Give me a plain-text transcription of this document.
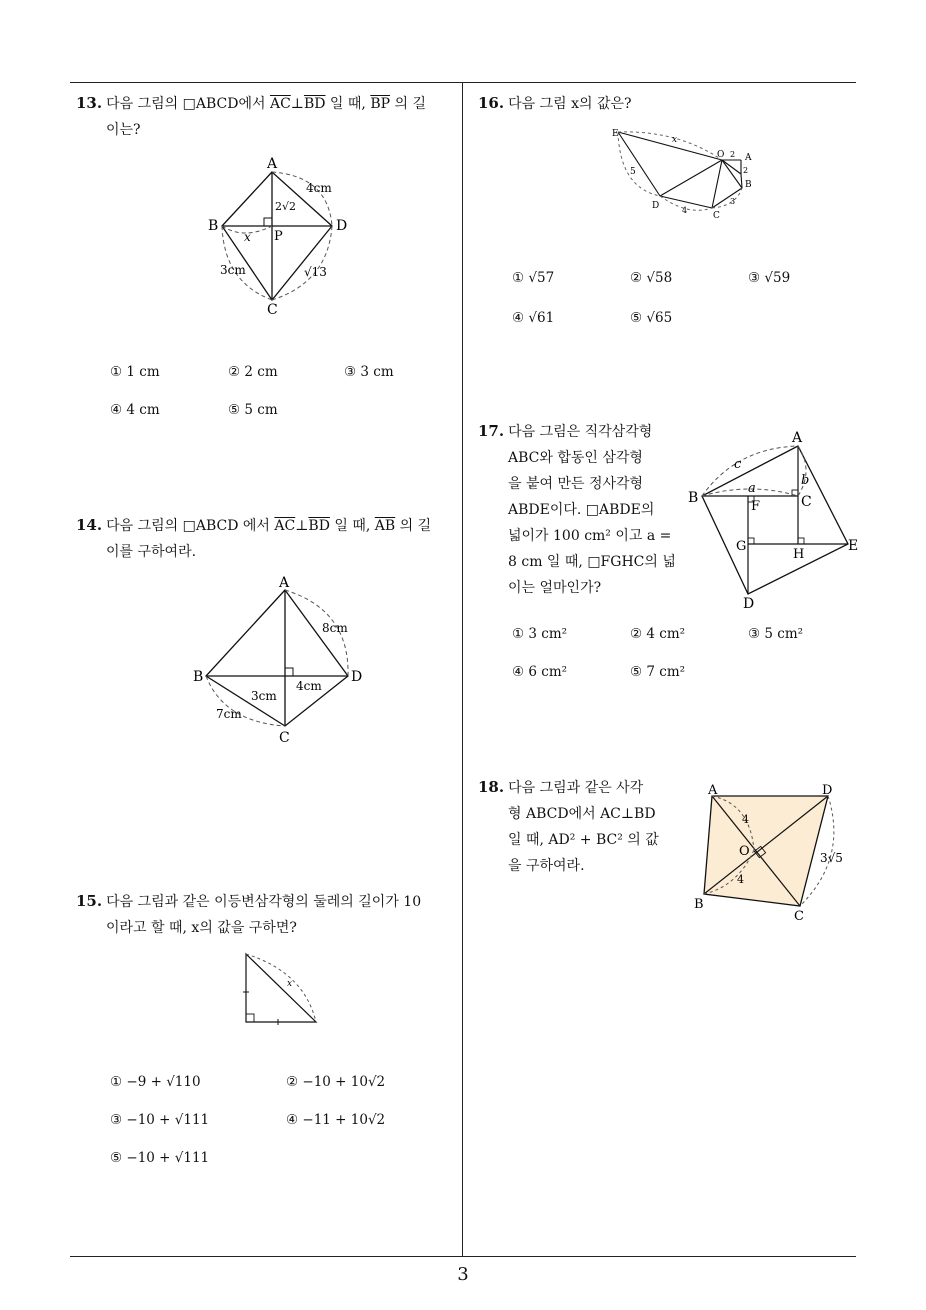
13. 다음 그림의 □ABCD에서 $\overline{AC}\perp\overline{BD}$ 일 때, $\overline{BP}$ 의 길
이는?
A
B
C
D
P
x
4cm
2√2
3cm	√13
① 1 cm	② 2 cm	③ 3 cm
④ 4 cm	⑤ 5 cm
14. 다음 그림의 □ABCD 에서 $\overline{AC}\perp\overline{BD}$ 일 때, $\overline{AB}$ 의 길
이를 구하여라.
A
B
C
D
8cm
4cm
3cm
7cm
15. 다음 그림과 같은 이등변삼각형의 둘레의 길이가 10
이라고 할 때, x의 값을 구하면?
x
① −9 + √110	② −10 + 10√2
③ −10 + √111	④ −11 + 10√2
⑤ −10 + √111
16. 다음 그림 x의 값은?
E
O A
B
C
D
x
5
2
2
4
3
① √57	② √58	③ √59
④ √61	⑤ √65
17. 다음 그림은 직각삼각형
ABC와 합동인 삼각형
을 붙여 만든 정사각형
ABDE이다. □ABDE의
넓이가 100 cm² 이고 a =
8 cm 일 때, □FGHC의 넓
이는 얼마인가?
A
B	C
D
E
F
G
H
a
b
c
① 3 cm²	② 4 cm²	③ 5 cm²
④ 6 cm²	⑤ 7 cm²
18. 다음 그림과 같은 사각
형 ABCD에서 AC⊥BD
일 때, AD² + BC² 의 값
을 구하여라.
A	D
B
C
O
4
4
3√5
3
